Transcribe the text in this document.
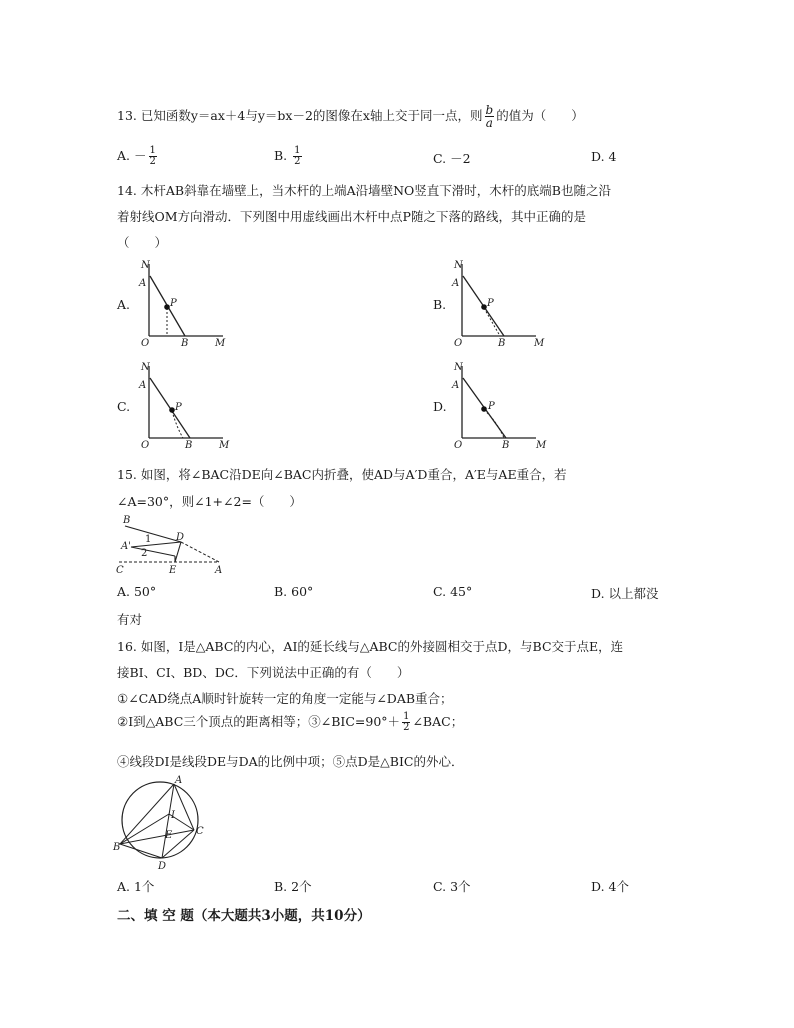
13. 已知函数y＝ax＋4与y＝bx－2的图像在x轴上交于同一点，则 $\frac{b}{a}$ 的值为（　　）
A. － $\frac{1}{2}$	B. $\frac{1}{2}$	C. －2	D. 4
14. 木杆AB斜靠在墙壁上，当木杆的上端A沿墙壁NO竖直下滑时，木杆的底端B也随之沿
着射线OM方向滑动．下列图中用虚线画出木杆中点P随之下落的路线，其中正确的是
（　　）
A.
N
A
P
O	B	M
B.
N
A
P
O	B	M
C.
N
A
P
O	B	M
D.
N
A
P
O	B	M
15. 如图，将∠BAC沿DE向∠BAC内折叠，使AD与A′D重合，A′E与AE重合，若
∠A=30°，则∠1+∠2=（　　）
B
D
A'
1
2
C	E	A
A. 50°	B. 60°	C. 45°	D. 以上都没
有对
16. 如图，I是△ABC的内心，AI的延长线与△ABC的外接圆相交于点D，与BC交于点E，连
接BI、CI、BD、DC．下列说法中正确的有（　　）
①∠CAD绕点A顺时针旋转一定的角度一定能与∠DAB重合；
②I到△ABC三个顶点的距离相等；③∠BIC=90°＋ $\frac{1}{2}$ ∠BAC；
④线段DI是线段DE与DA的比例中项；⑤点D是△BIC的外心．
A
I
E
B
C
D
A. 1个	B. 2个	C. 3个	D. 4个
二、填 空 题（本大题共3小题，共10分）
